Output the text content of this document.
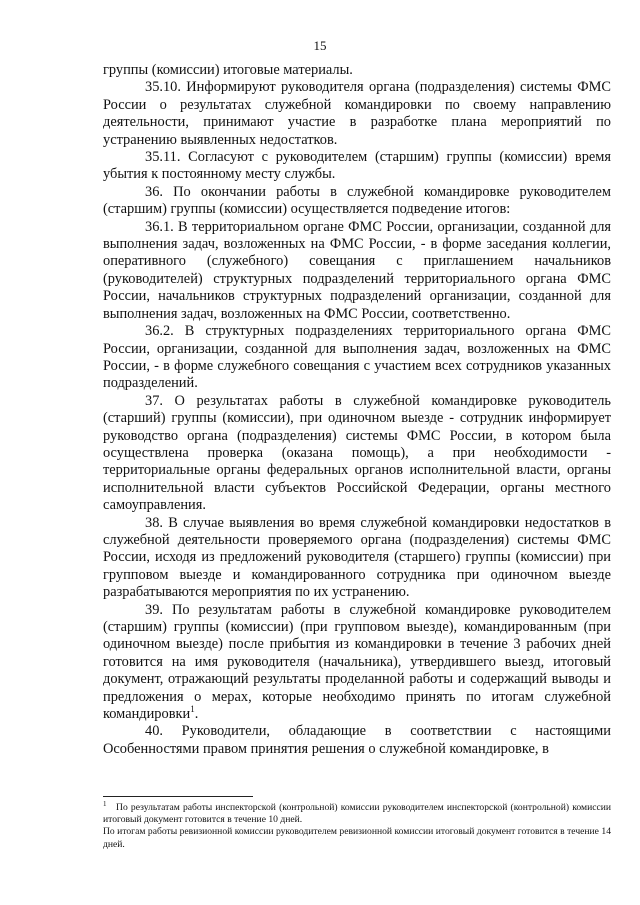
15

группы (комиссии) итоговые материалы.

35.10. Информируют руководителя органа (подразделения) системы ФМС России о результатах служебной командировки по своему направлению деятельности, принимают участие в разработке плана мероприятий по устранению выявленных недостатков.

35.11. Согласуют с руководителем (старшим) группы (комиссии) время убытия к постоянному месту службы.

36. По окончании работы в служебной командировке руководителем (старшим) группы (комиссии) осуществляется подведение итогов:

36.1. В территориальном органе ФМС России, организации, созданной для выполнения задач, возложенных на ФМС России, - в форме заседания коллегии, оперативного (служебного) совещания с приглашением начальников (руководителей) структурных подразделений территориального органа ФМС России, начальников структурных подразделений организации, созданной для выполнения задач, возложенных на ФМС России, соответственно.

36.2. В структурных подразделениях территориального органа ФМС России, организации, созданной для выполнения задач, возложенных на ФМС России, - в форме служебного совещания с участием всех сотрудников указанных подразделений.

37. О результатах работы в служебной командировке руководитель (старший) группы (комиссии), при одиночном выезде - сотрудник информирует руководство органа (подразделения) системы ФМС России, в котором была осуществлена проверка (оказана помощь), а при необходимости - территориальные органы федеральных органов исполнительной власти, органы исполнительной власти субъектов Российской Федерации, органы местного самоуправления.

38. В случае выявления во время служебной командировки недостатков в служебной деятельности проверяемого органа (подразделения) системы ФМС России, исходя из предложений руководителя (старшего) группы (комиссии) при групповом выезде и командированного сотрудника при одиночном выезде разрабатываются мероприятия по их устранению.

39. По результатам работы в служебной командировке руководителем (старшим) группы (комиссии) (при групповом выезде), командированным (при одиночном выезде) после прибытия из командировки в течение 3 рабочих дней готовится на имя руководителя (начальника), утвердившего выезд, итоговый документ, отражающий результаты проделанной работы и содержащий выводы и предложения о мерах, которые необходимо принять по итогам служебной командировки$^1$.

40. Руководители, обладающие в соответствии с настоящими Особенностями правом принятия решения о служебной командировке, в

$^1$ По результатам работы инспекторской (контрольной) комиссии руководителем инспекторской (контрольной) комиссии итоговый документ готовится в течение 10 дней.

По итогам работы ревизионной комиссии руководителем ревизионной комиссии итоговый документ готовится в течение 14 дней.
